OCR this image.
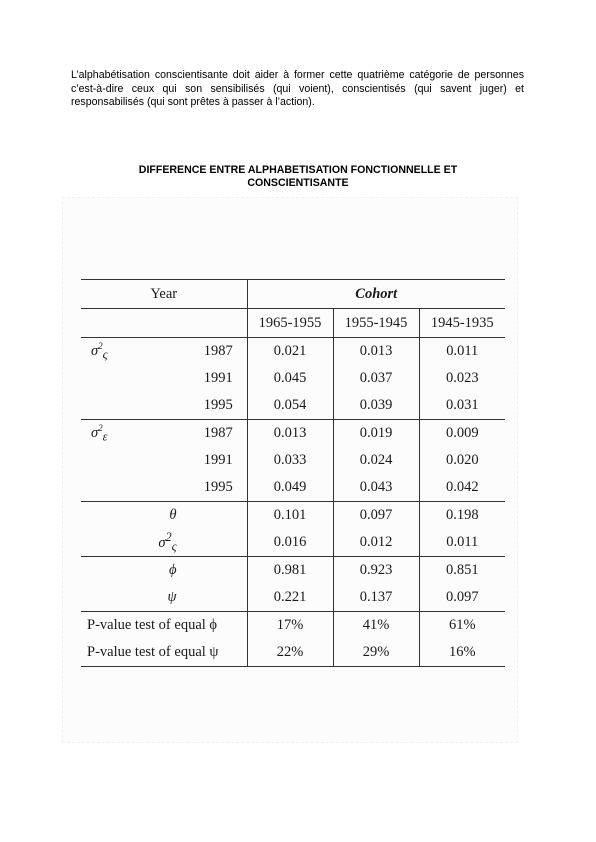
L’alphabétisation conscientisante doit aider à former cette quatrième catégorie de personnes c’est-à-dire ceux qui son sensibilisés (qui voient), conscientisés (qui savent juger) et responsabilisés (qui sont prêtes à passer à l’action).

DIFFERENCE ENTRE ALPHABETISATION FONCTIONNELLE ET
CONSCIENTISANTE
Year		Cohort		
		1965-1955	1955-1945	1945-1935
$\sigma^2_\varsigma$	1987	0.021	0.013	0.011
	1991	0.045	0.037	0.023
	1995	0.054	0.039	0.031
$\sigma^2_\varepsilon$	1987	0.013	0.019	0.009
	1991	0.033	0.024	0.020
	1995	0.049	0.043	0.042
θ		0.101	0.097	0.198
$\sigma^2_\varsigma$		0.016	0.012	0.011
ϕ		0.981	0.923	0.851
ψ		0.221	0.137	0.097
P-value test of equal ϕ		17%	41%	61%
P-value test of equal ψ		22%	29%	16%
